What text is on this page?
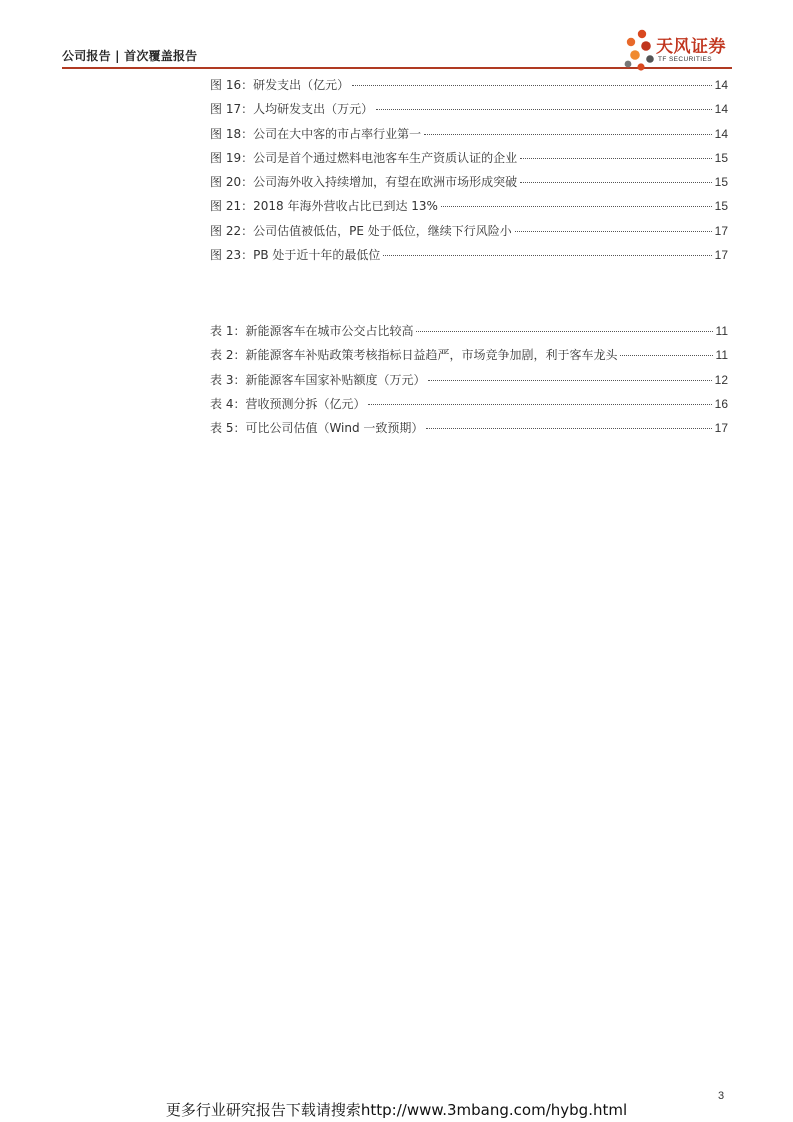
公司报告 | 首次覆盖报告	天风证券
TF SECURITIES
图 16：研发支出（亿元）	14
图 17：人均研发支出（万元）	14
图 18：公司在大中客的市占率行业第一	14
图 19：公司是首个通过燃料电池客车生产资质认证的企业	15
图 20：公司海外收入持续增加，有望在欧洲市场形成突破	15
图 21：2018 年海外营收占比已到达 13%	15
图 22：公司估值被低估，PE 处于低位，继续下行风险小	17
图 23：PB 处于近十年的最低位	17
表 1：新能源客车在城市公交占比较高	11
表 2：新能源客车补贴政策考核指标日益趋严，市场竞争加剧，利于客车龙头	11
表 3：新能源客车国家补贴额度（万元）	12
表 4：营收预测分拆（亿元）	16
表 5：可比公司估值（Wind 一致预期）	17
3
更多行业研究报告下载请搜索http://www.3mbang.com/hybg.html
